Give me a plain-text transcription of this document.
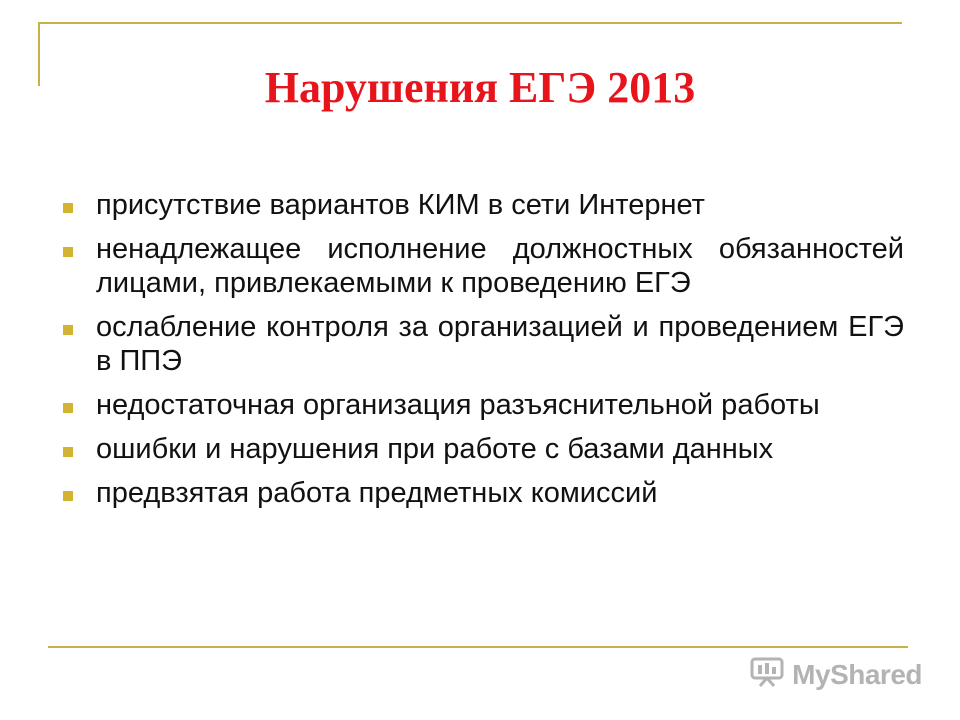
Нарушения ЕГЭ 2013
присутствие вариантов КИМ в сети Интернет
ненадлежащее исполнение должностных обязанностей лицами, привлекаемыми к проведению ЕГЭ
ослабление контроля за организацией и проведением ЕГЭ в ППЭ
недостаточная организация разъяснительной работы
ошибки и нарушения при работе с базами данных
предвзятая работа предметных комиссий
MyShared
